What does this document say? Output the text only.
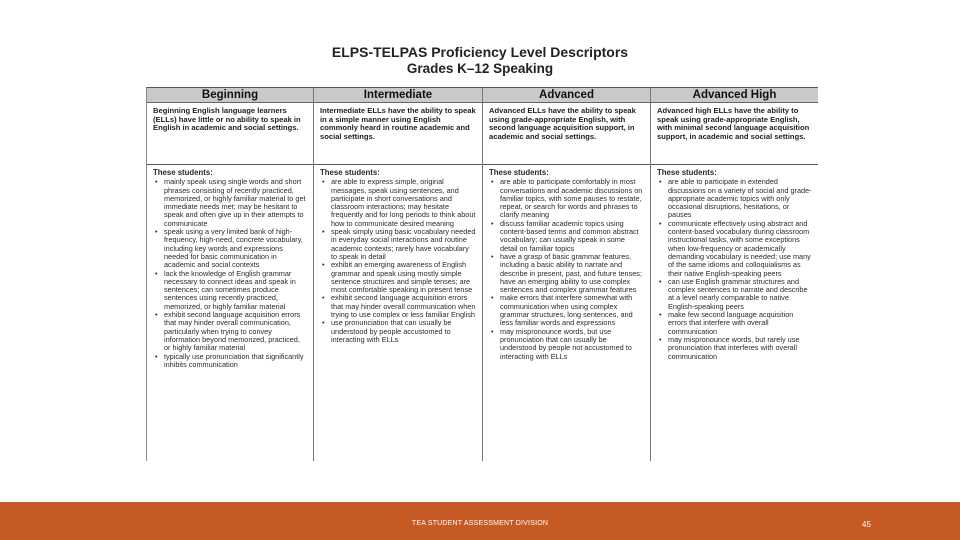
ELPS-TELPAS Proficiency Level Descriptors
Grades K–12 Speaking
Beginning
Beginning English language learners (ELLs) have little or no ability to speak in English in academic and social settings.
These students:
• mainly speak using single words and short phrases consisting of recently practiced, memorized, or highly familiar material to get immediate needs met; may be hesitant to speak and often give up in their attempts to communicate
• speak using a very limited bank of high-frequency, high-need, concrete vocabulary, including key words and expressions needed for basic communication in academic and social contexts
• lack the knowledge of English grammar necessary to connect ideas and speak in sentences; can sometimes produce sentences using recently practiced, memorized, or highly familiar material
• exhibit second language acquisition errors that may hinder overall communication, particularly when trying to convey information beyond memorized, practiced, or highly familiar material
• typically use pronunciation that significantly inhibits communication
Intermediate
Intermediate ELLs have the ability to speak in a simple manner using English commonly heard in routine academic and social settings.
These students:
• are able to express simple, original messages, speak using sentences, and participate in short conversations and classroom interactions; may hesitate frequently and for long periods to think about how to communicate desired meaning
• speak simply using basic vocabulary needed in everyday social interactions and routine academic contexts; rarely have vocabulary to speak in detail
• exhibit an emerging awareness of English grammar and speak using mostly simple sentence structures and simple tenses; are most comfortable speaking in present tense
• exhibit second language acquisition errors that may hinder overall communication when trying to use complex or less familiar English
• use pronunciation that can usually be understood by people accustomed to interacting with ELLs
Advanced
Advanced ELLs have the ability to speak using grade-appropriate English, with second language acquisition support, in academic and social settings.
These students:
• are able to participate comfortably in most conversations and academic discussions on familiar topics, with some pauses to restate, repeat, or search for words and phrases to clarify meaning
• discuss familiar academic topics using content-based terms and common abstract vocabulary; can usually speak in some detail on familiar topics
• have a grasp of basic grammar features, including a basic ability to narrate and describe in present, past, and future tenses; have an emerging ability to use complex sentences and complex grammar features
• make errors that interfere somewhat with communication when using complex grammar structures, long sentences, and less familiar words and expressions
• may mispronounce words, but use pronunciation that can usually be understood by people not accustomed to interacting with ELLs
Advanced High
Advanced high ELLs have the ability to speak using grade-appropriate English, with minimal second language acquisition support, in academic and social settings.
These students:
• are able to participate in extended discussions on a variety of social and grade-appropriate academic topics with only occasional disruptions, hesitations, or pauses
• communicate effectively using abstract and content-based vocabulary during classroom instructional tasks, with some exceptions when low-frequency or academically demanding vocabulary is needed; use many of the same idioms and colloquialisms as their native English-speaking peers
• can use English grammar structures and complex sentences to narrate and describe at a level nearly comparable to native English-speaking peers
• make few second language acquisition errors that interfere with overall communication
• may mispronounce words, but rarely use pronunciation that interferes with overall communication
TEA STUDENT ASSESSMENT DIVISION	45
